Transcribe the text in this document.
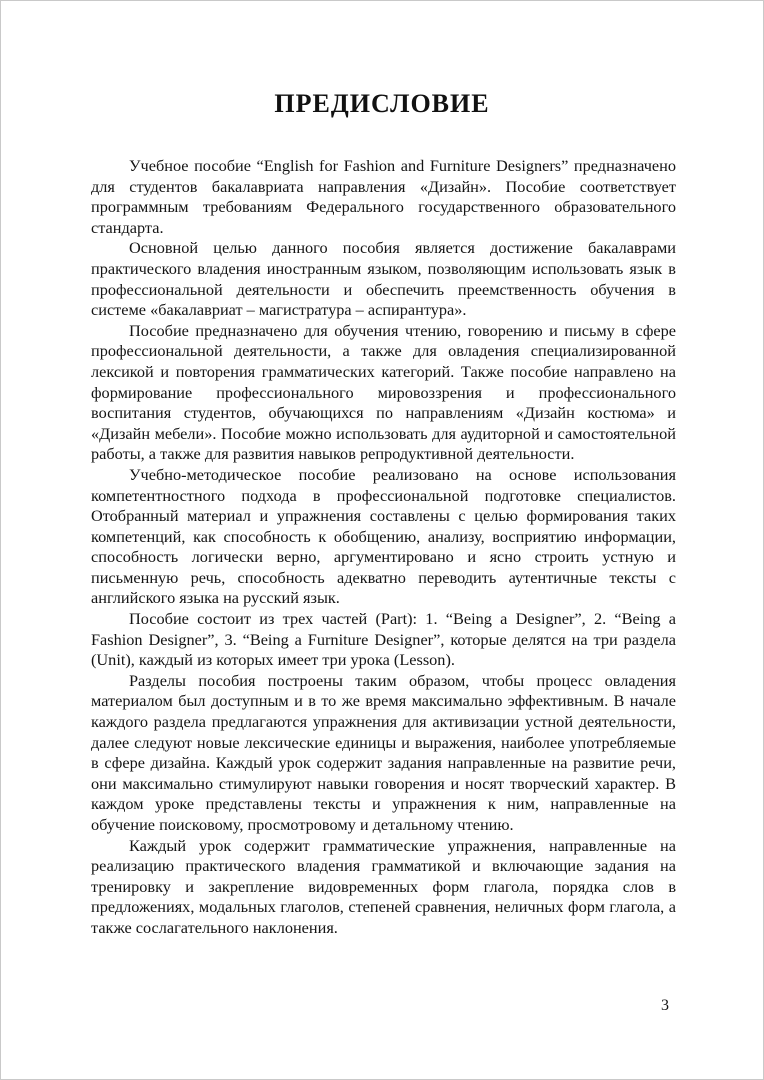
ПРЕДИСЛОВИЕ

Учебное пособие “English for Fashion and Furniture Designers” предназначено для студентов бакалавриата направления «Дизайн». Пособие соответствует программным требованиям Федерального государственного образовательного стандарта.

Основной целью данного пособия является достижение бакалаврами практического владения иностранным языком, позволяющим использовать язык в профессиональной деятельности и обеспечить преемственность обучения в системе «бакалавриат – магистратура – аспирантура».

Пособие предназначено для обучения чтению, говорению и письму в сфере профессиональной деятельности, а также для овладения специализированной лексикой и повторения грамматических категорий. Также пособие направлено на формирование профессионального мировоззрения и профессионального воспитания студентов, обучающихся по направлениям «Дизайн костюма» и «Дизайн мебели». Пособие можно использовать для аудиторной и самостоятельной работы, а также для развития навыков репродуктивной деятельности.

Учебно-методическое пособие реализовано на основе использования компетентностного подхода в профессиональной подготовке специалистов. Отобранный материал и упражнения составлены с целью формирования таких компетенций, как способность к обобщению, анализу, восприятию информации, способность логически верно, аргументировано и ясно строить устную и письменную речь, способность адекватно переводить аутентичные тексты с английского языка на русский язык.

Пособие состоит из трех частей (Part): 1. “Being a Designer”, 2. “Being a Fashion Designer”, 3. “Being a Furniture Designer”, которые делятся на три раздела (Unit), каждый из которых имеет три урока (Lesson).

Разделы пособия построены таким образом, чтобы процесс овладения материалом был доступным и в то же время максимально эффективным. В начале каждого раздела предлагаются упражнения для активизации устной деятельности, далее следуют новые лексические единицы и выражения, наиболее употребляемые в сфере дизайна. Каждый урок содержит задания направленные на развитие речи, они максимально стимулируют навыки говорения и носят творческий характер. В каждом уроке представлены тексты и упражнения к ним, направленные на обучение поисковому, просмотровому и детальному чтению.

Каждый урок содержит грамматические упражнения, направленные на реализацию практического владения грамматикой и включающие задания на тренировку и закрепление видовременных форм глагола, порядка слов в предложениях, модальных глаголов, степеней сравнения, неличных форм глагола, а также сослагательного наклонения.

3
